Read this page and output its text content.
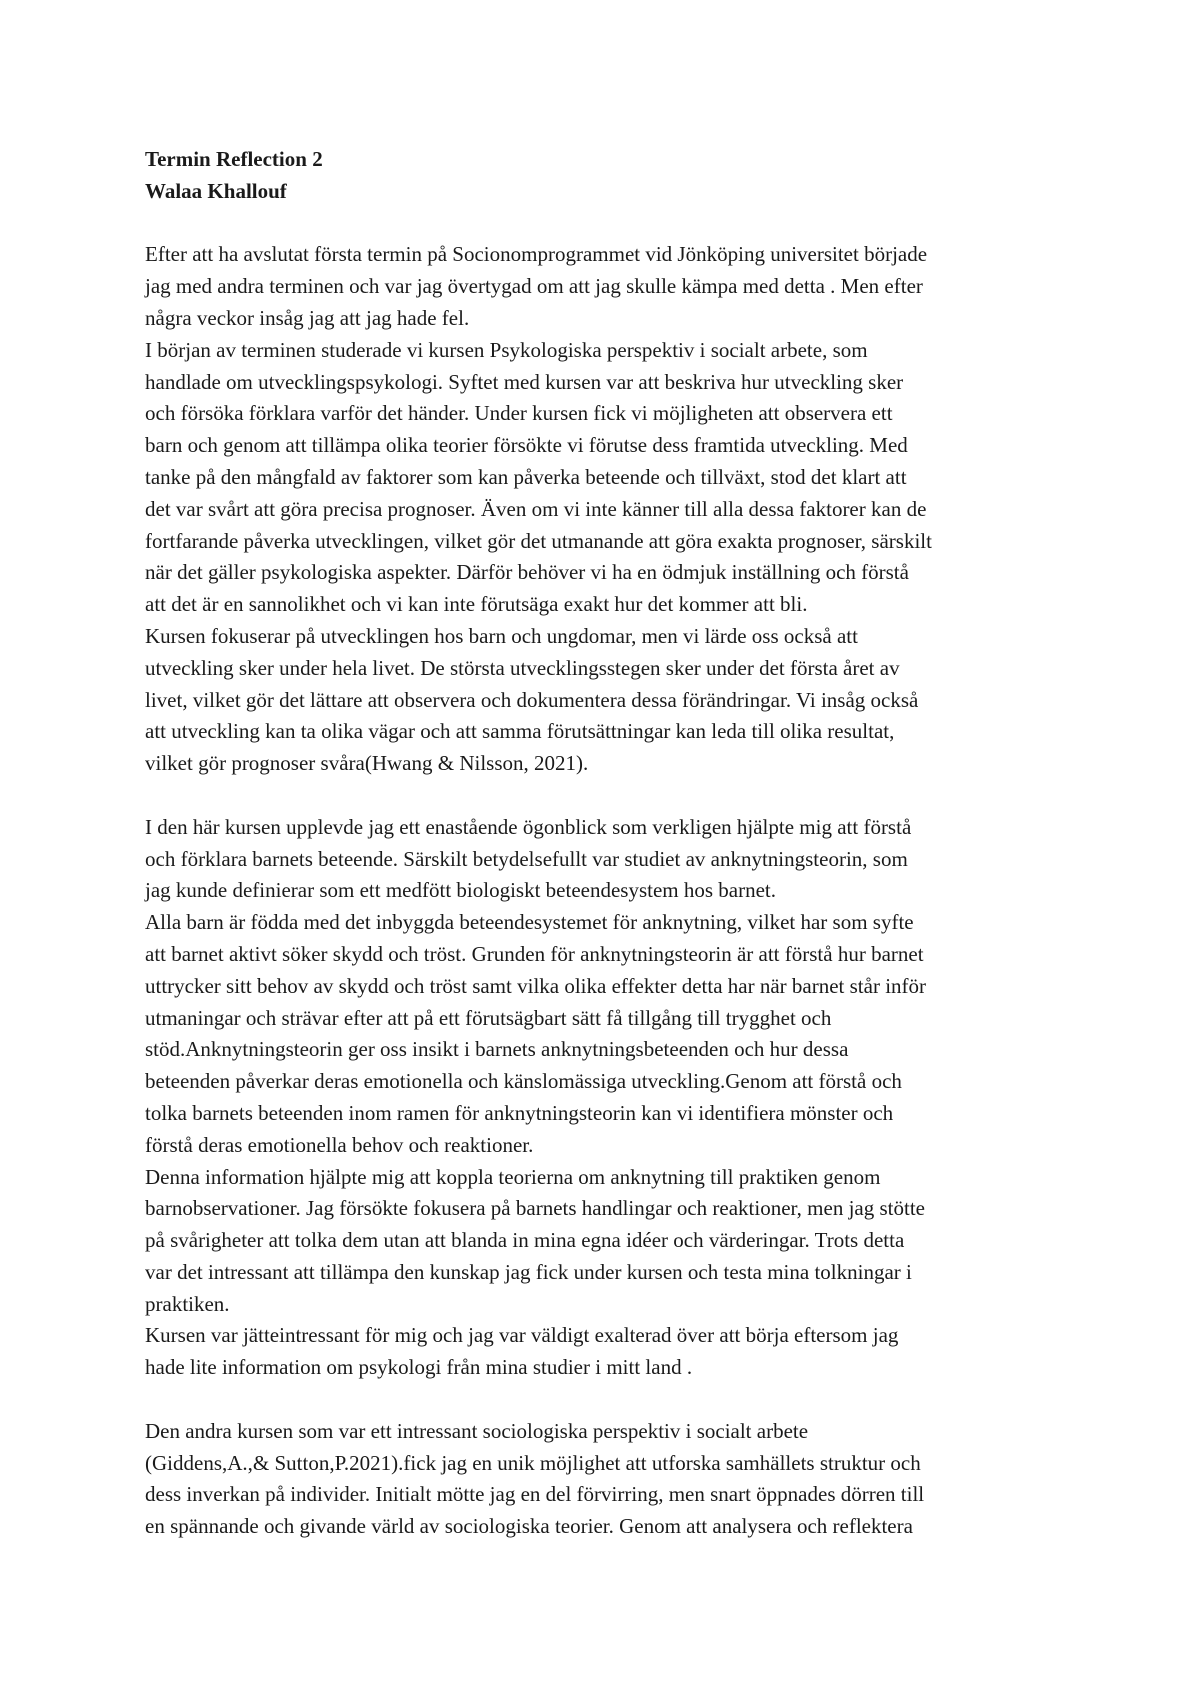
Termin Reflection 2
Walaa Khallouf
Efter att ha avslutat första termin på Socionomprogrammet vid Jönköping universitet började
jag med andra terminen och var jag övertygad om att jag skulle kämpa med detta . Men efter
några veckor insåg jag att jag hade fel.
I början av terminen studerade vi kursen Psykologiska perspektiv i socialt arbete, som
handlade om utvecklingspsykologi. Syftet med kursen var att beskriva hur utveckling sker
och försöka förklara varför det händer. Under kursen fick vi möjligheten att observera ett
barn och genom att tillämpa olika teorier försökte vi förutse dess framtida utveckling. Med
tanke på den mångfald av faktorer som kan påverka beteende och tillväxt, stod det klart att
det var svårt att göra precisa prognoser. Även om vi inte känner till alla dessa faktorer kan de
fortfarande påverka utvecklingen, vilket gör det utmanande att göra exakta prognoser, särskilt
när det gäller psykologiska aspekter. Därför behöver vi ha en ödmjuk inställning och förstå
att det är en sannolikhet och vi kan inte förutsäga exakt hur det kommer att bli.
Kursen fokuserar på utvecklingen hos barn och ungdomar, men vi lärde oss också att
utveckling sker under hela livet. De största utvecklingsstegen sker under det första året av
livet, vilket gör det lättare att observera och dokumentera dessa förändringar. Vi insåg också
att utveckling kan ta olika vägar och att samma förutsättningar kan leda till olika resultat,
vilket gör prognoser svåra(Hwang & Nilsson, 2021).
I den här kursen upplevde jag ett enastående ögonblick som verkligen hjälpte mig att förstå
och förklara barnets beteende. Särskilt betydelsefullt var studiet av anknytningsteorin, som
jag kunde definierar som ett medfött biologiskt beteendesystem hos barnet.
Alla barn är födda med det inbyggda beteendesystemet för anknytning, vilket har som syfte
att barnet aktivt söker skydd och tröst. Grunden för anknytningsteorin är att förstå hur barnet
uttrycker sitt behov av skydd och tröst samt vilka olika effekter detta har när barnet står inför
utmaningar och strävar efter att på ett förutsägbart sätt få tillgång till trygghet och
stöd.Anknytningsteorin ger oss insikt i barnets anknytningsbeteenden och hur dessa
beteenden påverkar deras emotionella och känslomässiga utveckling.Genom att förstå och
tolka barnets beteenden inom ramen för anknytningsteorin kan vi identifiera mönster och
förstå deras emotionella behov och reaktioner.
Denna information hjälpte mig att koppla teorierna om anknytning till praktiken genom
barnobservationer. Jag försökte fokusera på barnets handlingar och reaktioner, men jag stötte
på svårigheter att tolka dem utan att blanda in mina egna idéer och värderingar. Trots detta
var det intressant att tillämpa den kunskap jag fick under kursen och testa mina tolkningar i
praktiken.
Kursen var jätteintressant för mig och jag var väldigt exalterad över att börja eftersom jag
hade lite information om psykologi från mina studier i mitt land .
Den andra kursen som var ett intressant sociologiska perspektiv i socialt arbete
(Giddens,A.,& Sutton,P.2021).fick jag en unik möjlighet att utforska samhällets struktur och
dess inverkan på individer. Initialt mötte jag en del förvirring, men snart öppnades dörren till
en spännande och givande värld av sociologiska teorier. Genom att analysera och reflektera
